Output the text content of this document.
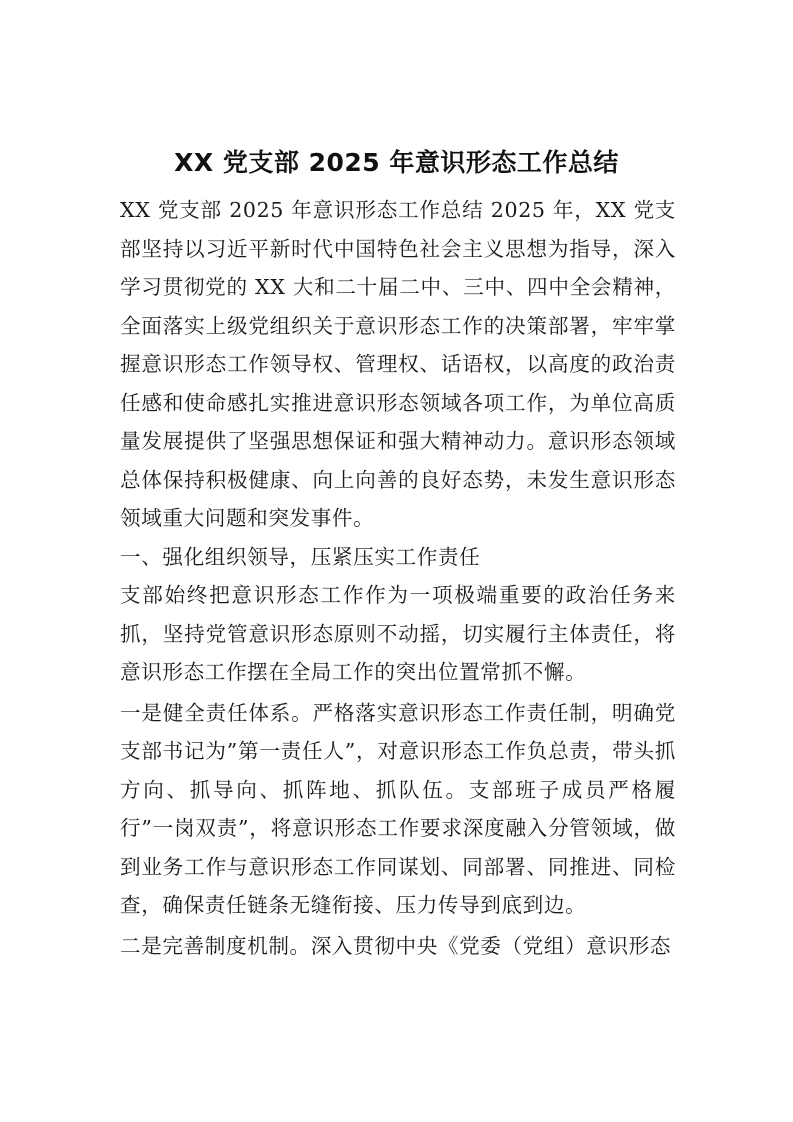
XX 党支部 2025 年意识形态工作总结

XX 党支部 2025 年意识形态工作总结 2025 年，XX 党支部坚持以习近平新时代中国特色社会主义思想为指导，深入学习贯彻党的 XX 大和二十届二中、三中、四中全会精神，全面落实上级党组织关于意识形态工作的决策部署，牢牢掌握意识形态工作领导权、管理权、话语权，以高度的政治责任感和使命感扎实推进意识形态领域各项工作，为单位高质量发展提供了坚强思想保证和强大精神动力。意识形态领域总体保持积极健康、向上向善的良好态势，未发生意识形态领域重大问题和突发事件。

一、强化组织领导，压紧压实工作责任

支部始终把意识形态工作作为一项极端重要的政治任务来抓，坚持党管意识形态原则不动摇，切实履行主体责任，将意识形态工作摆在全局工作的突出位置常抓不懈。

一是健全责任体系。严格落实意识形态工作责任制，明确党支部书记为”第一责任人”，对意识形态工作负总责，带头抓方向、抓导向、抓阵地、抓队伍。支部班子成员严格履行”一岗双责”，将意识形态工作要求深度融入分管领域，做到业务工作与意识形态工作同谋划、同部署、同推进、同检查，确保责任链条无缝衔接、压力传导到底到边。

二是完善制度机制。深入贯彻中央《党委（党组）意识形态
